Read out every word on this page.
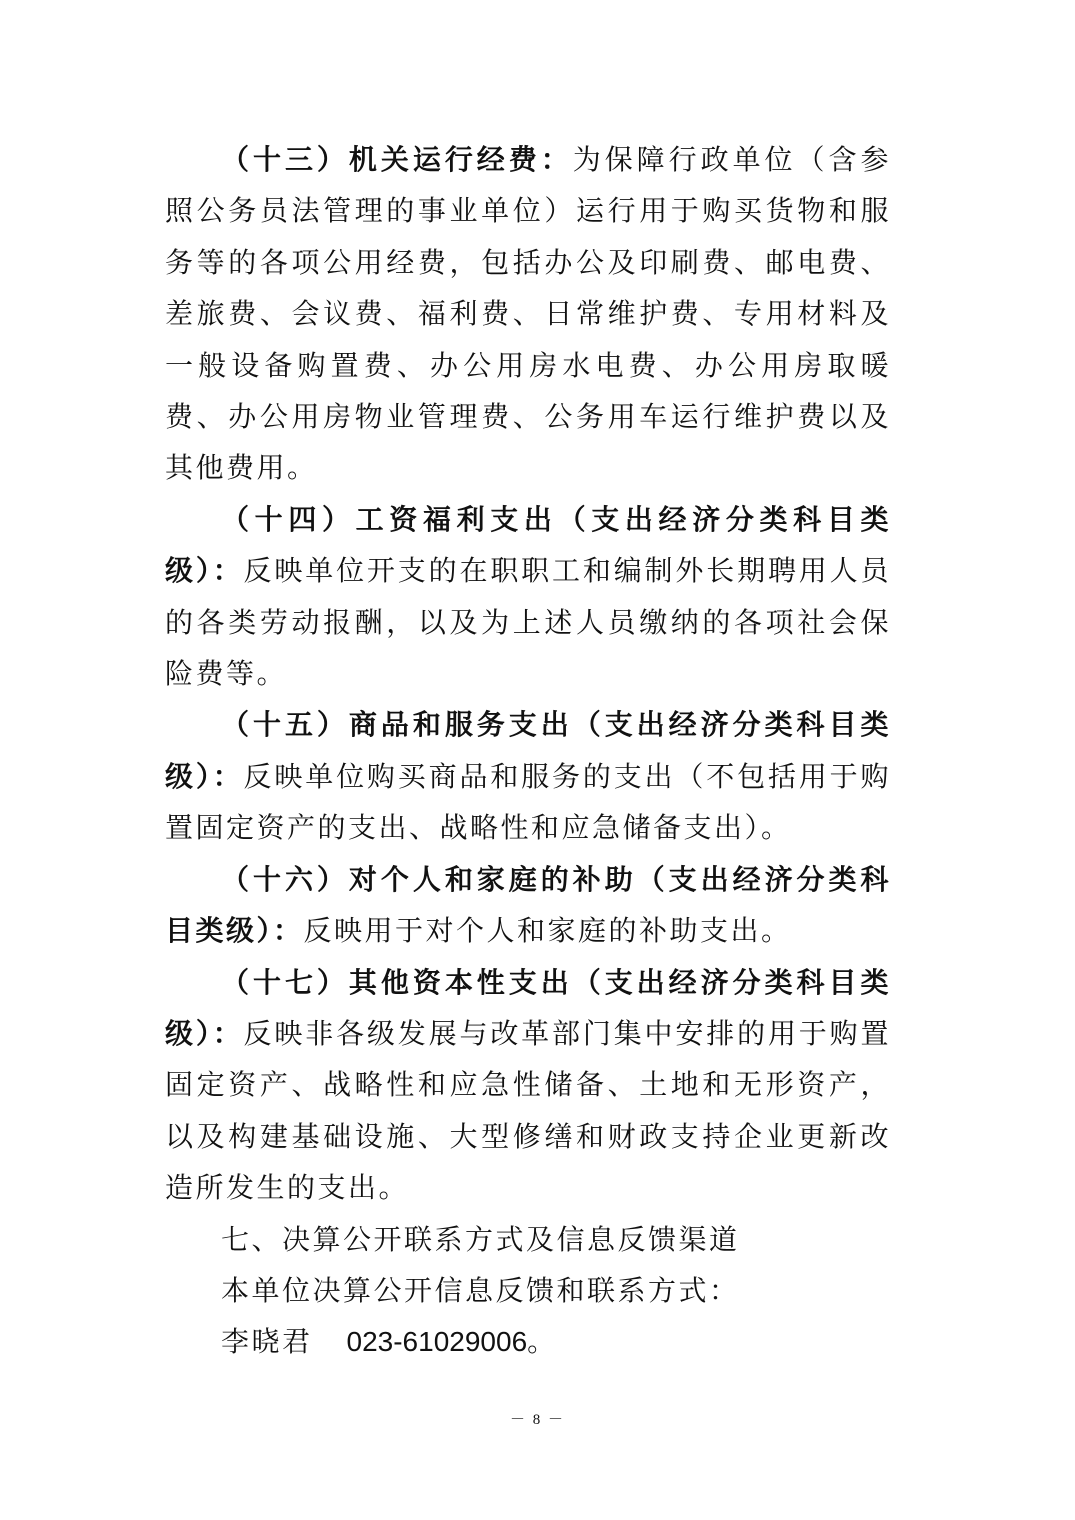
（十三）机关运行经费：为保障行政单位（含参照公务员法管理的事业单位）运行用于购买货物和服务等的各项公用经费，包括办公及印刷费、邮电费、差旅费、会议费、福利费、日常维护费、专用材料及一般设备购置费、办公用房水电费、办公用房取暖费、办公用房物业管理费、公务用车运行维护费以及其他费用。

（十四）工资福利支出（支出经济分类科目类级）：反映单位开支的在职职工和编制外长期聘用人员的各类劳动报酬，以及为上述人员缴纳的各项社会保险费等。

（十五）商品和服务支出（支出经济分类科目类级）：反映单位购买商品和服务的支出（不包括用于购置固定资产的支出、战略性和应急储备支出）。

（十六）对个人和家庭的补助（支出经济分类科目类级）：反映用于对个人和家庭的补助支出。

（十七）其他资本性支出（支出经济分类科目类级）：反映非各级发展与改革部门集中安排的用于购置固定资产、战略性和应急性储备、土地和无形资产，以及构建基础设施、大型修缮和财政支持企业更新改造所发生的支出。

七、决算公开联系方式及信息反馈渠道

本单位决算公开信息反馈和联系方式：

李晓君 023-61029006。

－ 8 －
